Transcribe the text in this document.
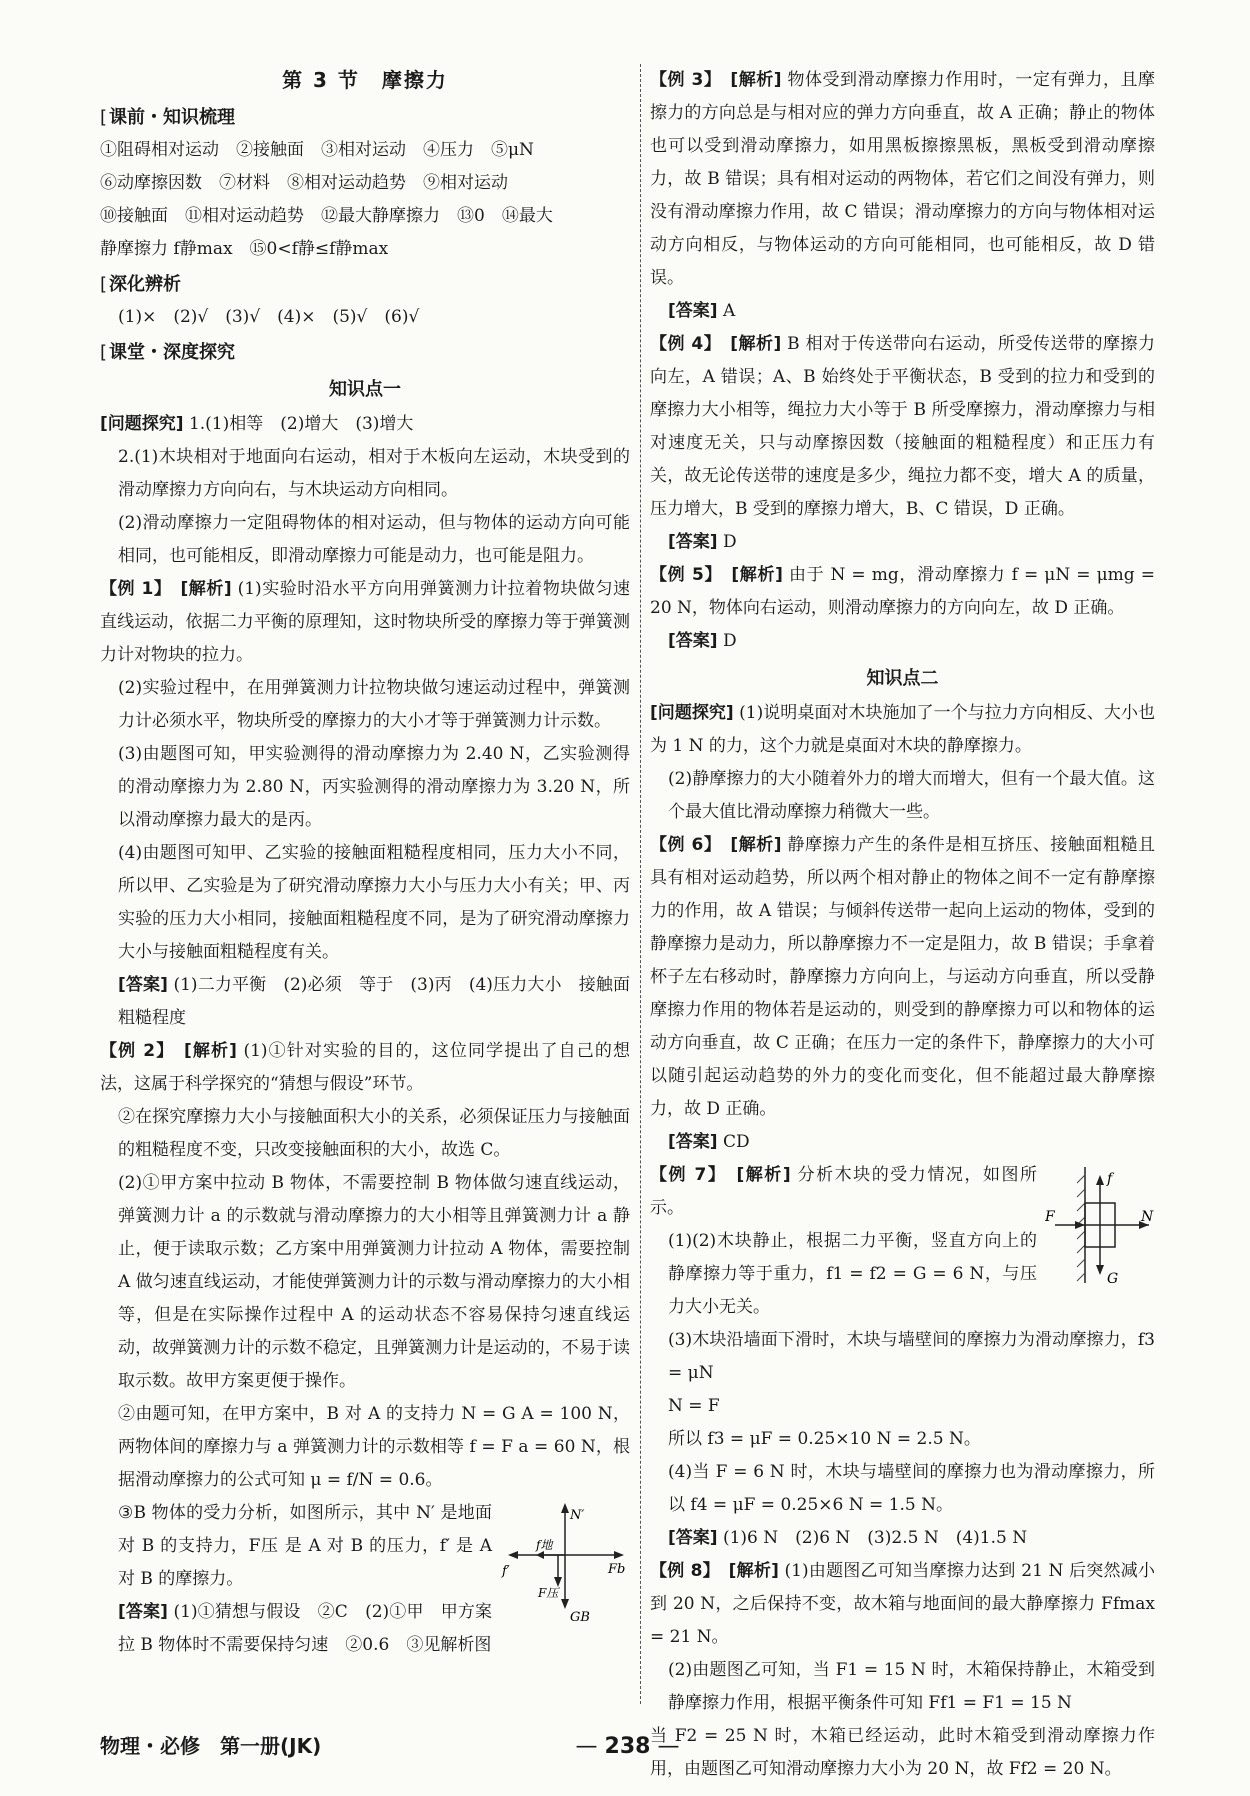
第 3 节　摩擦力
[ 课前・知识梳理

①阻碍相对运动　②接触面　③相对运动　④压力　⑤μN

⑥动摩擦因数　⑦材料　⑧相对运动趋势　⑨相对运动

⑩接触面　⑪相对运动趋势　⑫最大静摩擦力　⑬0　⑭最大

静摩擦力 f静max　⑮0<f静≤f静max

[ 深化辨析

(1)×　(2)√　(3)√　(4)×　(5)√　(6)√

[ 课堂・深度探究
知识点一

[问题探究] 1.(1)相等　(2)增大　(3)增大

2.(1)木块相对于地面向右运动，相对于木板向左运动，木块受到的滑动摩擦力方向向右，与木块运动方向相同。

(2)滑动摩擦力一定阻碍物体的相对运动，但与物体的运动方向可能相同，也可能相反，即滑动摩擦力可能是动力，也可能是阻力。

【例 1】　[解析] (1)实验时沿水平方向用弹簧测力计拉着物块做匀速直线运动，依据二力平衡的原理知，这时物块所受的摩擦力等于弹簧测力计对物块的拉力。

(2)实验过程中，在用弹簧测力计拉物块做匀速运动过程中，弹簧测力计必须水平，物块所受的摩擦力的大小才等于弹簧测力计示数。

(3)由题图可知，甲实验测得的滑动摩擦力为 2.40 N，乙实验测得的滑动摩擦力为 2.80 N，丙实验测得的滑动摩擦力为 3.20 N，所以滑动摩擦力最大的是丙。

(4)由题图可知甲、乙实验的接触面粗糙程度相同，压力大小不同，所以甲、乙实验是为了研究滑动摩擦力大小与压力大小有关；甲、丙实验的压力大小相同，接触面粗糙程度不同，是为了研究滑动摩擦力大小与接触面粗糙程度有关。

[答案] (1)二力平衡　(2)必须　等于　(3)丙　(4)压力大小　接触面粗糙程度

【例 2】　[解析] (1)①针对实验的目的，这位同学提出了自己的想法，这属于科学探究的“猜想与假设”环节。

②在探究摩擦力大小与接触面积大小的关系，必须保证压力与接触面的粗糙程度不变，只改变接触面积的大小，故选 C。

(2)①甲方案中拉动 B 物体，不需要控制 B 物体做匀速直线运动，弹簧测力计 a 的示数就与滑动摩擦力的大小相等且弹簧测力计 a 静止，便于读取示数；乙方案中用弹簧测力计拉动 A 物体，需要控制 A 做匀速直线运动，才能使弹簧测力计的示数与滑动摩擦力的大小相等，但是在实际操作过程中 A 的运动状态不容易保持匀速直线运动，故弹簧测力计的示数不稳定，且弹簧测力计是运动的，不易于读取示数。故甲方案更便于操作。

②由题可知，在甲方案中，B 对 A 的支持力 N = G A = 100 N，两物体间的摩擦力与 a 弹簧测力计的示数相等 f = F a = 60 N，根据滑动摩擦力的公式可知 μ = f/N = 0.6。

N′
f′
f地
Fb
F压
GB

③B 物体的受力分析，如图所示，其中 N′ 是地面对 B 的支持力，F压 是 A 对 B 的压力，f′ 是 A 对 B 的摩擦力。

[答案] (1)①猜想与假设　②C　(2)①甲　甲方案拉 B 物体时不需要保持匀速　②0.6　③见解析图

【例 3】　[解析] 物体受到滑动摩擦力作用时，一定有弹力，且摩擦力的方向总是与相对应的弹力方向垂直，故 A 正确；静止的物体也可以受到滑动摩擦力，如用黑板擦擦黑板，黑板受到滑动摩擦力，故 B 错误；具有相对运动的两物体，若它们之间没有弹力，则没有滑动摩擦力作用，故 C 错误；滑动摩擦力的方向与物体相对运动方向相反，与物体运动的方向可能相同，也可能相反，故 D 错误。

[答案] A

【例 4】　[解析] B 相对于传送带向右运动，所受传送带的摩擦力向左，A 错误；A、B 始终处于平衡状态，B 受到的拉力和受到的摩擦力大小相等，绳拉力大小等于 B 所受摩擦力，滑动摩擦力与相对速度无关，只与动摩擦因数（接触面的粗糙程度）和正压力有关，故无论传送带的速度是多少，绳拉力都不变，增大 A 的质量，压力增大，B 受到的摩擦力增大，B、C 错误，D 正确。

[答案] D

【例 5】　[解析] 由于 N = mg，滑动摩擦力 f = μN = μmg = 20 N，物体向右运动，则滑动摩擦力的方向向左，故 D 正确。

[答案] D

知识点二

[问题探究] (1)说明桌面对木块施加了一个与拉力方向相反、大小也为 1 N 的力，这个力就是桌面对木块的静摩擦力。

(2)静摩擦力的大小随着外力的增大而增大，但有一个最大值。这个最大值比滑动摩擦力稍微大一些。

【例 6】　[解析] 静摩擦力产生的条件是相互挤压、接触面粗糙且具有相对运动趋势，所以两个相对静止的物体之间不一定有静摩擦力的作用，故 A 错误；与倾斜传送带一起向上运动的物体，受到的静摩擦力是动力，所以静摩擦力不一定是阻力，故 B 错误；手拿着杯子左右移动时，静摩擦力方向向上，与运动方向垂直，所以受静摩擦力作用的物体若是运动的，则受到的静摩擦力可以和物体的运动方向垂直，故 C 正确；在压力一定的条件下，静摩擦力的大小可以随引起运动趋势的外力的变化而变化，但不能超过最大静摩擦力，故 D 正确。

[答案] CD

f
F	N
G

【例 7】　[解析] 分析木块的受力情况，如图所示。

(1)(2)木块静止，根据二力平衡，竖直方向上的静摩擦力等于重力，f1 = f2 = G = 6 N，与压力大小无关。

(3)木块沿墙面下滑时，木块与墙壁间的摩擦力为滑动摩擦力，f3 = μN

N = F

所以 f3 = μF = 0.25×10 N = 2.5 N。

(4)当 F = 6 N 时，木块与墙壁间的摩擦力也为滑动摩擦力，所以 f4 = μF = 0.25×6 N = 1.5 N。

[答案] (1)6 N　(2)6 N　(3)2.5 N　(4)1.5 N

【例 8】　[解析] (1)由题图乙可知当摩擦力达到 21 N 后突然减小到 20 N，之后保持不变，故木箱与地面间的最大静摩擦力 Ffmax = 21 N。

(2)由题图乙可知，当 F1 = 15 N 时，木箱保持静止，木箱受到静摩擦力作用，根据平衡条件可知 Ff1 = F1 = 15 N

当 F2 = 25 N 时，木箱已经运动，此时木箱受到滑动摩擦力作用，由题图乙可知滑动摩擦力大小为 20 N，故 Ff2 = 20 N。

物理・必修　第一册(JK)
—	238 —
